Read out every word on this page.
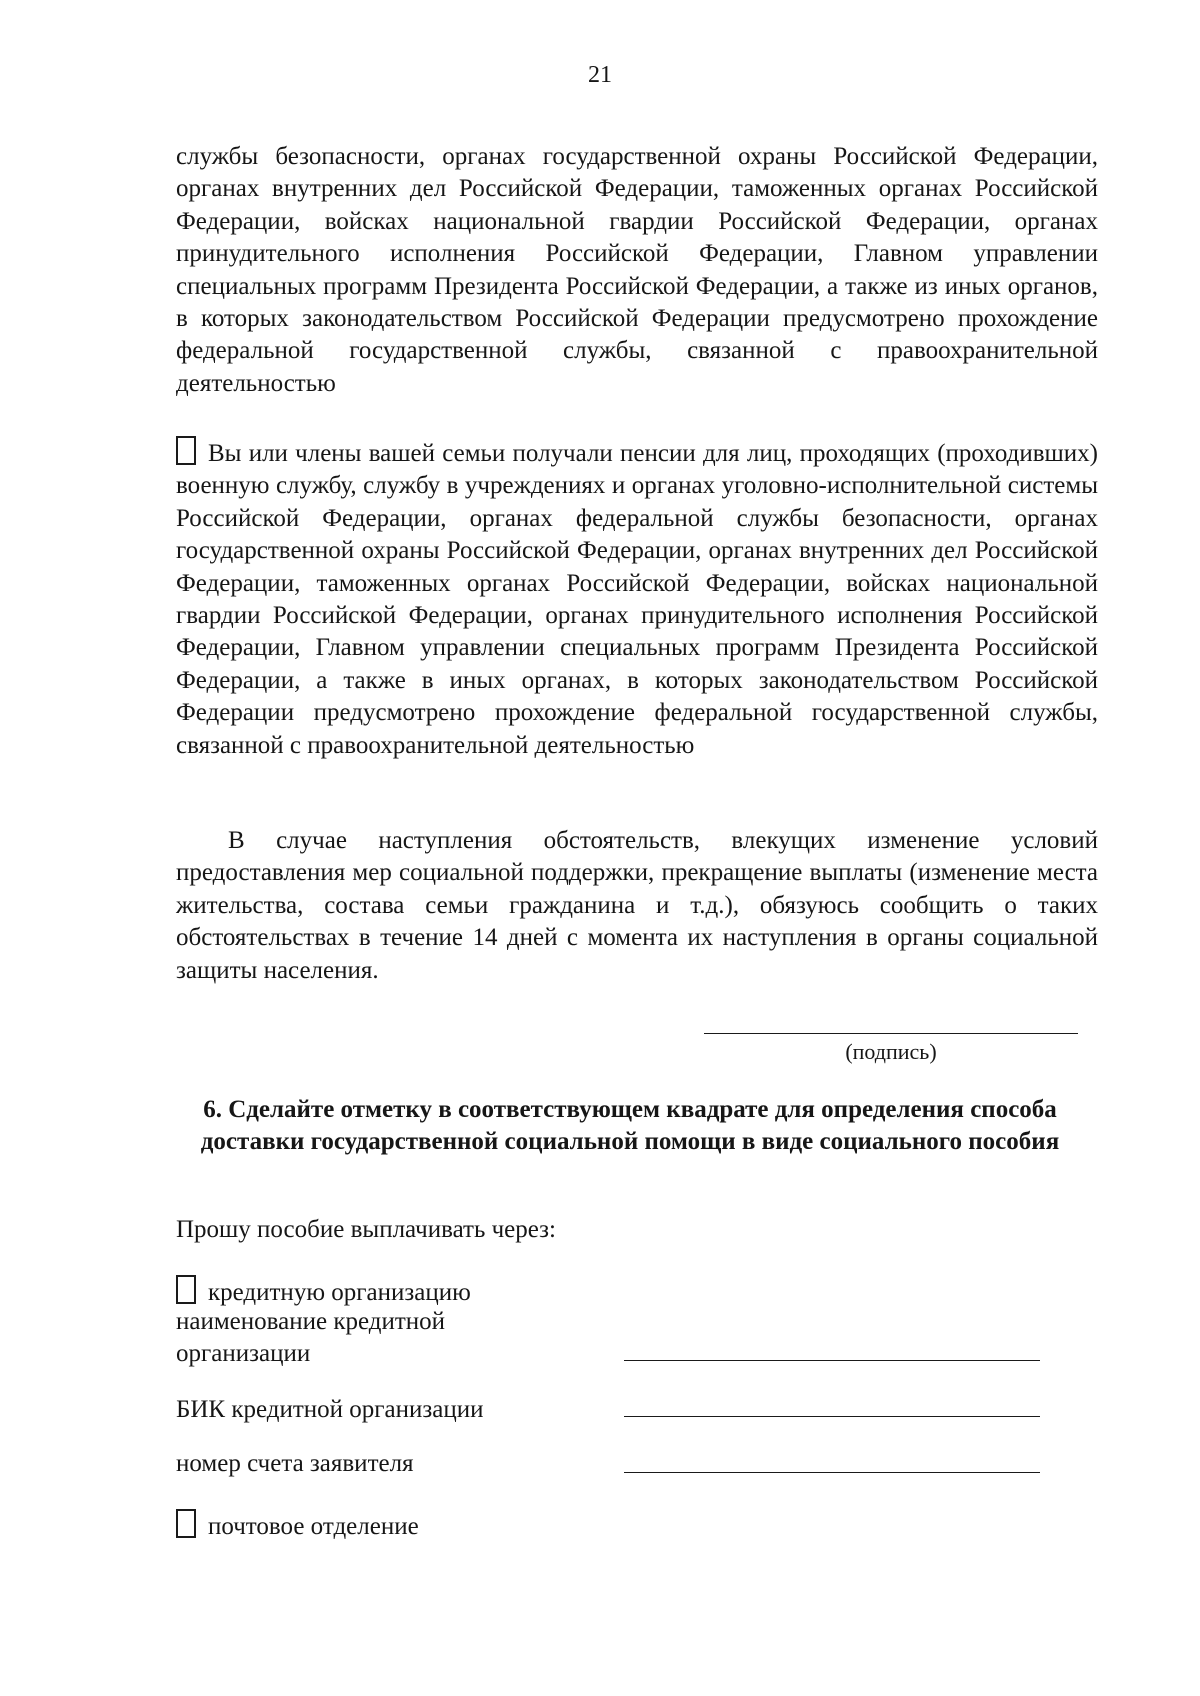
21

службы безопасности, органах государственной охраны Российской Федерации, органах внутренних дел Российской Федерации, таможенных органах Российской Федерации, войсках национальной гвардии Российской Федерации, органах принудительного исполнения Российской Федерации, Главном управлении специальных программ Президента Российской Федерации, а также из иных органов, в которых законодательством Российской Федерации предусмотрено прохождение федеральной государственной службы, связанной с правоохранительной деятельностью

Вы или члены вашей семьи получали пенсии для лиц, проходящих (проходивших) военную службу, службу в учреждениях и органах уголовно-исполнительной системы Российской Федерации, органах федеральной службы безопасности, органах государственной охраны Российской Федерации, органах внутренних дел Российской Федерации, таможенных органах Российской Федерации, войсках национальной гвардии Российской Федерации, органах принудительного исполнения Российской Федерации, Главном управлении специальных программ Президента Российской Федерации, а также в иных органах, в которых законодательством Российской Федерации предусмотрено прохождение федеральной государственной службы, связанной с правоохранительной деятельностью

В случае наступления обстоятельств, влекущих изменение условий предоставления мер социальной поддержки, прекращение выплаты (изменение места жительства, состава семьи гражданина и т.д.), обязуюсь сообщить о таких обстоятельствах в течение 14 дней с момента их наступления в органы социальной защиты населения.

(подпись)

6. Сделайте отметку в соответствующем квадрате для определения способа доставки государственной социальной помощи в виде социального пособия

Прошу пособие выплачивать через:
кредитную организацию
наименование кредитной
организации
БИК кредитной организации
номер счета заявителя
почтовое отделение
